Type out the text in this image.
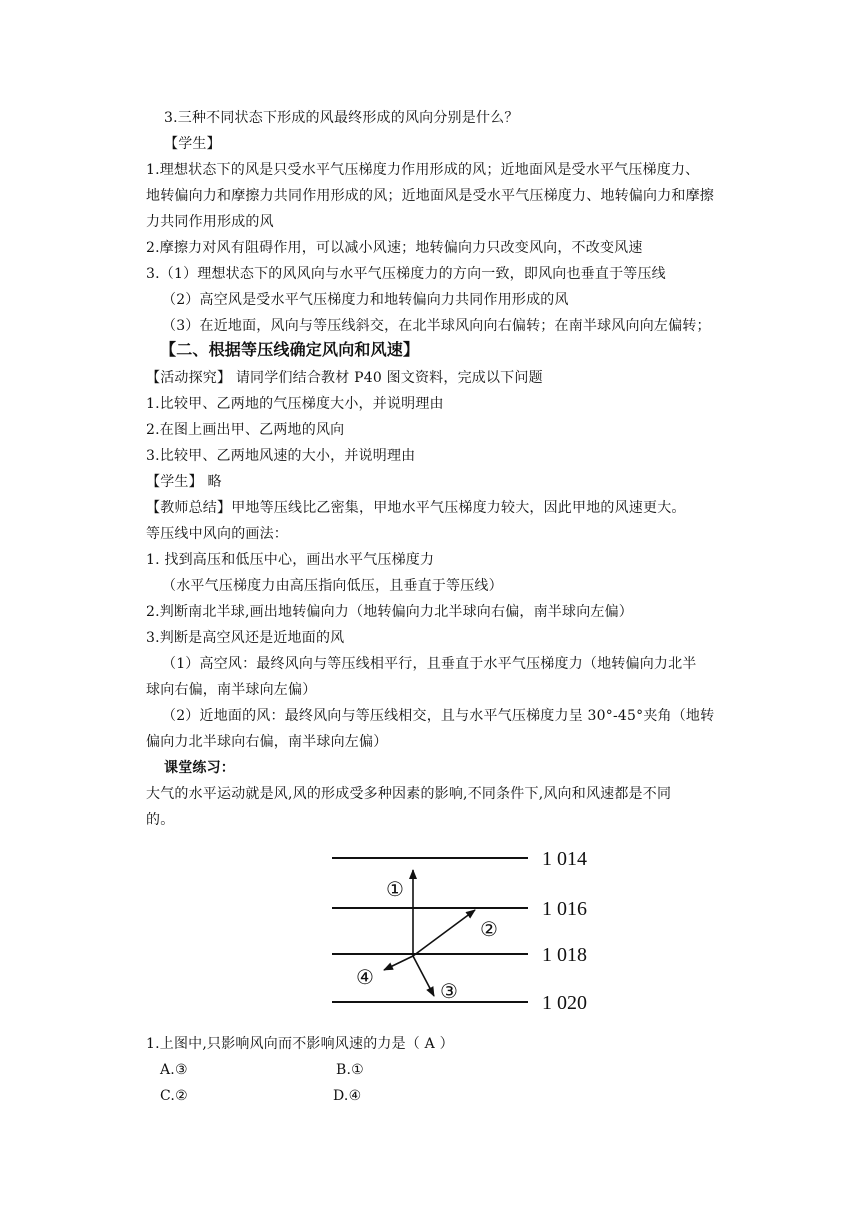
3.三种不同状态下形成的风最终形成的风向分别是什么？
【学生】
1.理想状态下的风是只受水平气压梯度力作用形成的风；近地面风是受水平气压梯度力、
地转偏向力和摩擦力共同作用形成的风；近地面风是受水平气压梯度力、地转偏向力和摩擦
力共同作用形成的风
2.摩擦力对风有阻碍作用，可以减小风速；地转偏向力只改变风向，不改变风速
3.（1）理想状态下的风风向与水平气压梯度力的方向一致，即风向也垂直于等压线
（2）高空风是受水平气压梯度力和地转偏向力共同作用形成的风
（3）在近地面，风向与等压线斜交，在北半球风向向右偏转；在南半球风向向左偏转；
【二、根据等压线确定风向和风速】
【活动探究】 请同学们结合教材 P40 图文资料，完成以下问题
1.比较甲、乙两地的气压梯度大小，并说明理由
2.在图上画出甲、乙两地的风向
3.比较甲、乙两地风速的大小，并说明理由
【学生】 略
【教师总结】甲地等压线比乙密集，甲地水平气压梯度力较大，因此甲地的风速更大。
等压线中风向的画法：
1. 找到高压和低压中心，画出水平气压梯度力
（水平气压梯度力由高压指向低压，且垂直于等压线）
2.判断南北半球,画出地转偏向力（地转偏向力北半球向右偏，南半球向左偏）
3.判断是高空风还是近地面的风
（1）高空风：最终风向与等压线相平行，且垂直于水平气压梯度力（地转偏向力北半
球向右偏，南半球向左偏）
（2）近地面的风：最终风向与等压线相交，且与水平气压梯度力呈 30°-45°夹角（地转
偏向力北半球向右偏，南半球向左偏）
课堂练习：
大气的水平运动就是风,风的形成受多种因素的影响,不同条件下,风向和风速都是不同
的。
1 014
1 016
1 018
1 020
①
②
③
④
1.上图中,只影响风向而不影响风速的力是（ A ）
A.③	B.①
C.②	D.④
